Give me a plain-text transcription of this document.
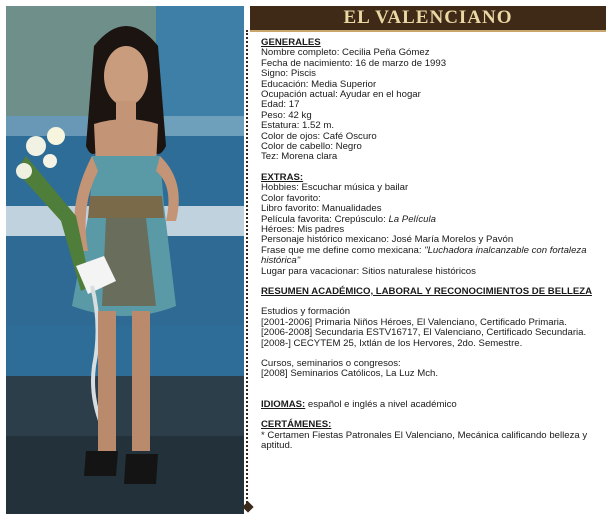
EL VALENCIANO
GENERALES
Nombre completo: Cecilia Peña Gómez
Fecha de nacimiento: 16 de marzo de 1993
Signo: Piscis
Educación: Media Superior
Ocupación actual: Ayudar en el hogar
Edad: 17
Peso: 42 kg
Estatura: 1.52 m.
Color de ojos: Café Oscuro
Color de cabello: Negro
Tez: Morena clara
EXTRAS:
Hobbies: Escuchar música y bailar
Color favorito:
Libro favorito: Manualidades
Película favorita: Crepúsculo: La Película
Héroes: Mis padres
Personaje histórico mexicano: José María Morelos y Pavón
Frase que me define como mexicana: "Luchadora inalcanzable con fortaleza histórica"
Lugar para vacacionar: Sitios naturalese históricos
RESUMEN ACADÉMICO, LABORAL Y RECONOCIMIENTOS DE BELLEZA
Estudios y formación
[2001-2006] Primaria Niños Héroes, El Valenciano, Certificado Primaria.
[2006-2008] Secundaria ESTV16717, El Valenciano, Certificado Secundaria.
[2008-] CECYTEM 25, Ixtlán de los Hervores, 2do. Semestre.
Cursos, seminarios o congresos:
[2008] Seminarios Católicos, La Luz Mch.
IDIOMAS: español e inglés a nivel académico
CERTÁMENES:
* Certamen Fiestas Patronales El Valenciano, Mecánica calificando belleza y aptitud.
